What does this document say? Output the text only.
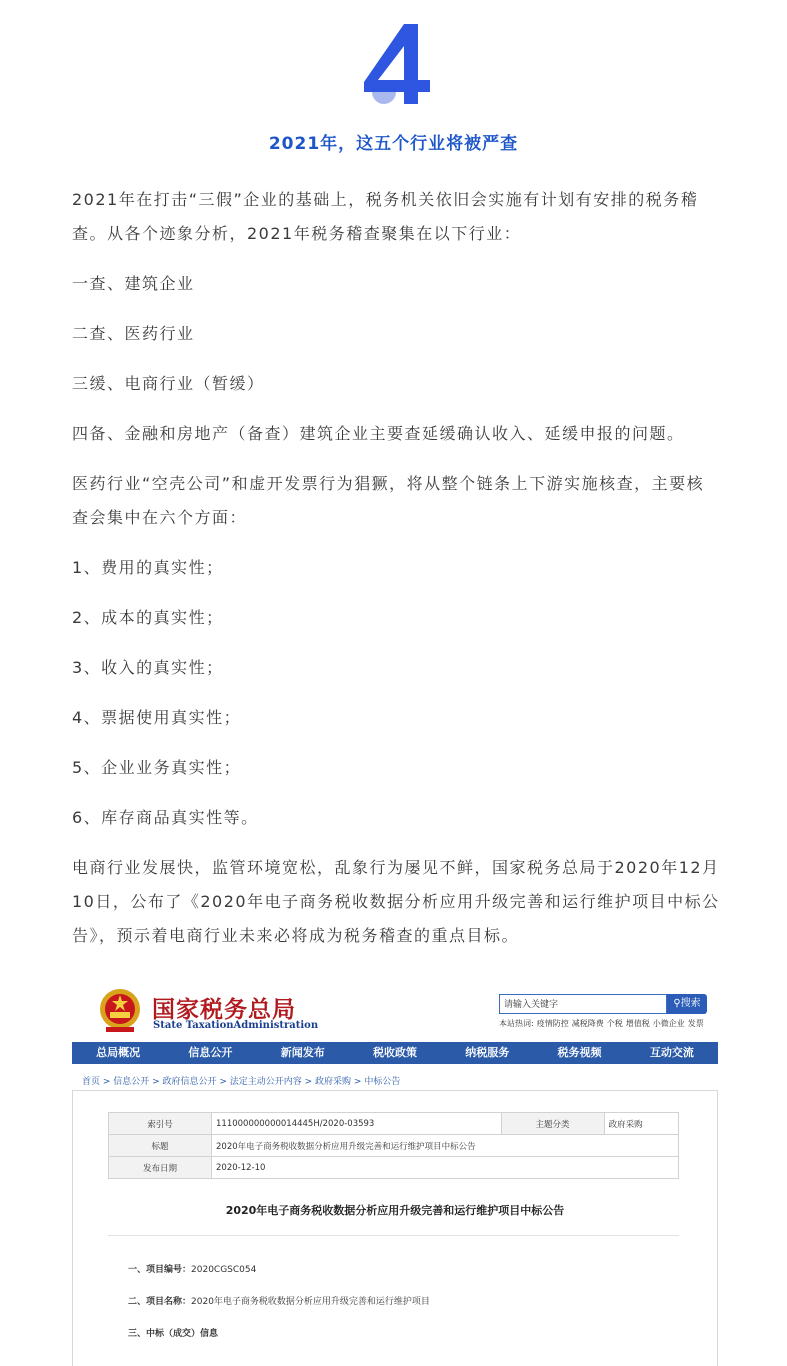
4
2021年，这五个行业将被严查

2021年在打击“三假”企业的基础上，税务机关依旧会实施有计划有安排的税务稽查。从各个迹象分析，2021年税务稽查聚集在以下行业：

一查、建筑企业

二查、医药行业

三缓、电商行业（暂缓）

四备、金融和房地产（备查）建筑企业主要查延缓确认收入、延缓申报的问题。

医药行业“空壳公司”和虚开发票行为猖獗，将从整个链条上下游实施核查，主要核查会集中在六个方面：

1、费用的真实性；

2、成本的真实性；

3、收入的真实性；

4、票据使用真实性；

5、企业业务真实性；

6、库存商品真实性等。

电商行业发展快，监管环境宽松，乱象行为屡见不鲜，国家税务总局于2020年12月10日，公布了《2020年电子商务税收数据分析应用升级完善和运行维护项目中标公告》，预示着电商行业未来必将成为税务稽查的重点目标。

国家税务总局
State TaxationAdministration
请输入关键字	⚲搜索
本站热词: 疫情防控 减税降费 个税 增值税 小微企业 发票
总局概况	信息公开	新闻发布	税收政策	纳税服务	税务视频	互动交流
首页 > 信息公开 > 政府信息公开 > 法定主动公开内容 > 政府采购 > 中标公告
索引号	111000000000014445H/2020-03593	主题分类	政府采购
标题	2020年电子商务税收数据分析应用升级完善和运行维护项目中标公告		
发布日期	2020-12-10		
2020年电子商务税收数据分析应用升级完善和运行维护项目中标公告
一、项目编号：2020CGSC054
二、项目名称：2020年电子商务税收数据分析应用升级完善和运行维护项目
三、中标（成交）信息
